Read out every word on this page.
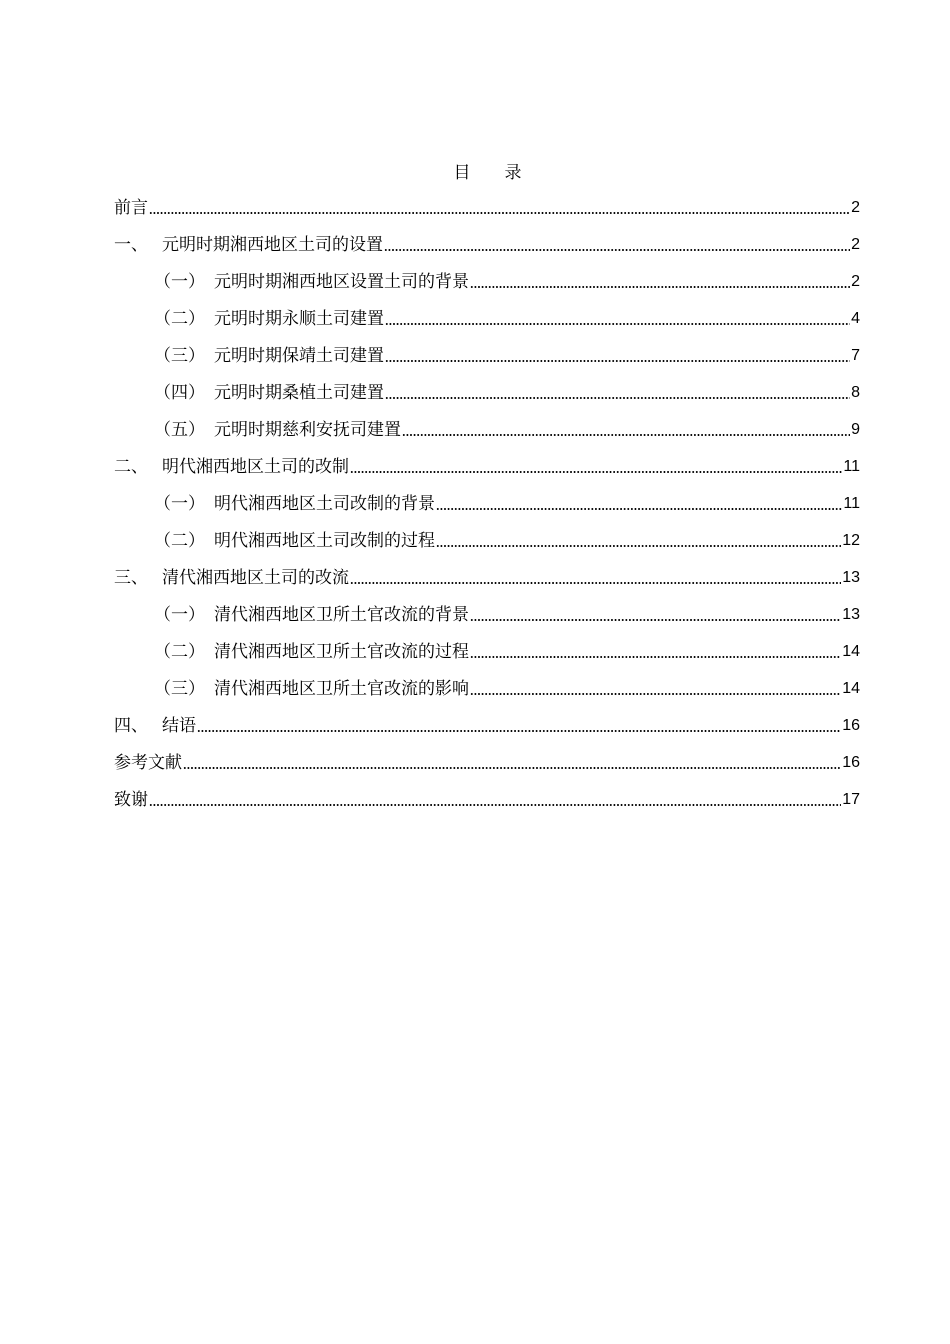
目 录
前言	2
一、 元明时期湘西地区土司的设置	2
（一） 元明时期湘西地区设置土司的背景	2
（二） 元明时期永顺土司建置	4
（三） 元明时期保靖土司建置	7
（四） 元明时期桑植土司建置	8
（五） 元明时期慈利安抚司建置	9
二、 明代湘西地区土司的改制	11
（一） 明代湘西地区土司改制的背景	11
（二） 明代湘西地区土司改制的过程	12
三、 清代湘西地区土司的改流	13
（一） 清代湘西地区卫所土官改流的背景	13
（二） 清代湘西地区卫所土官改流的过程	14
（三） 清代湘西地区卫所土官改流的影响	14
四、 结语	16
参考文献	16
致谢	17
